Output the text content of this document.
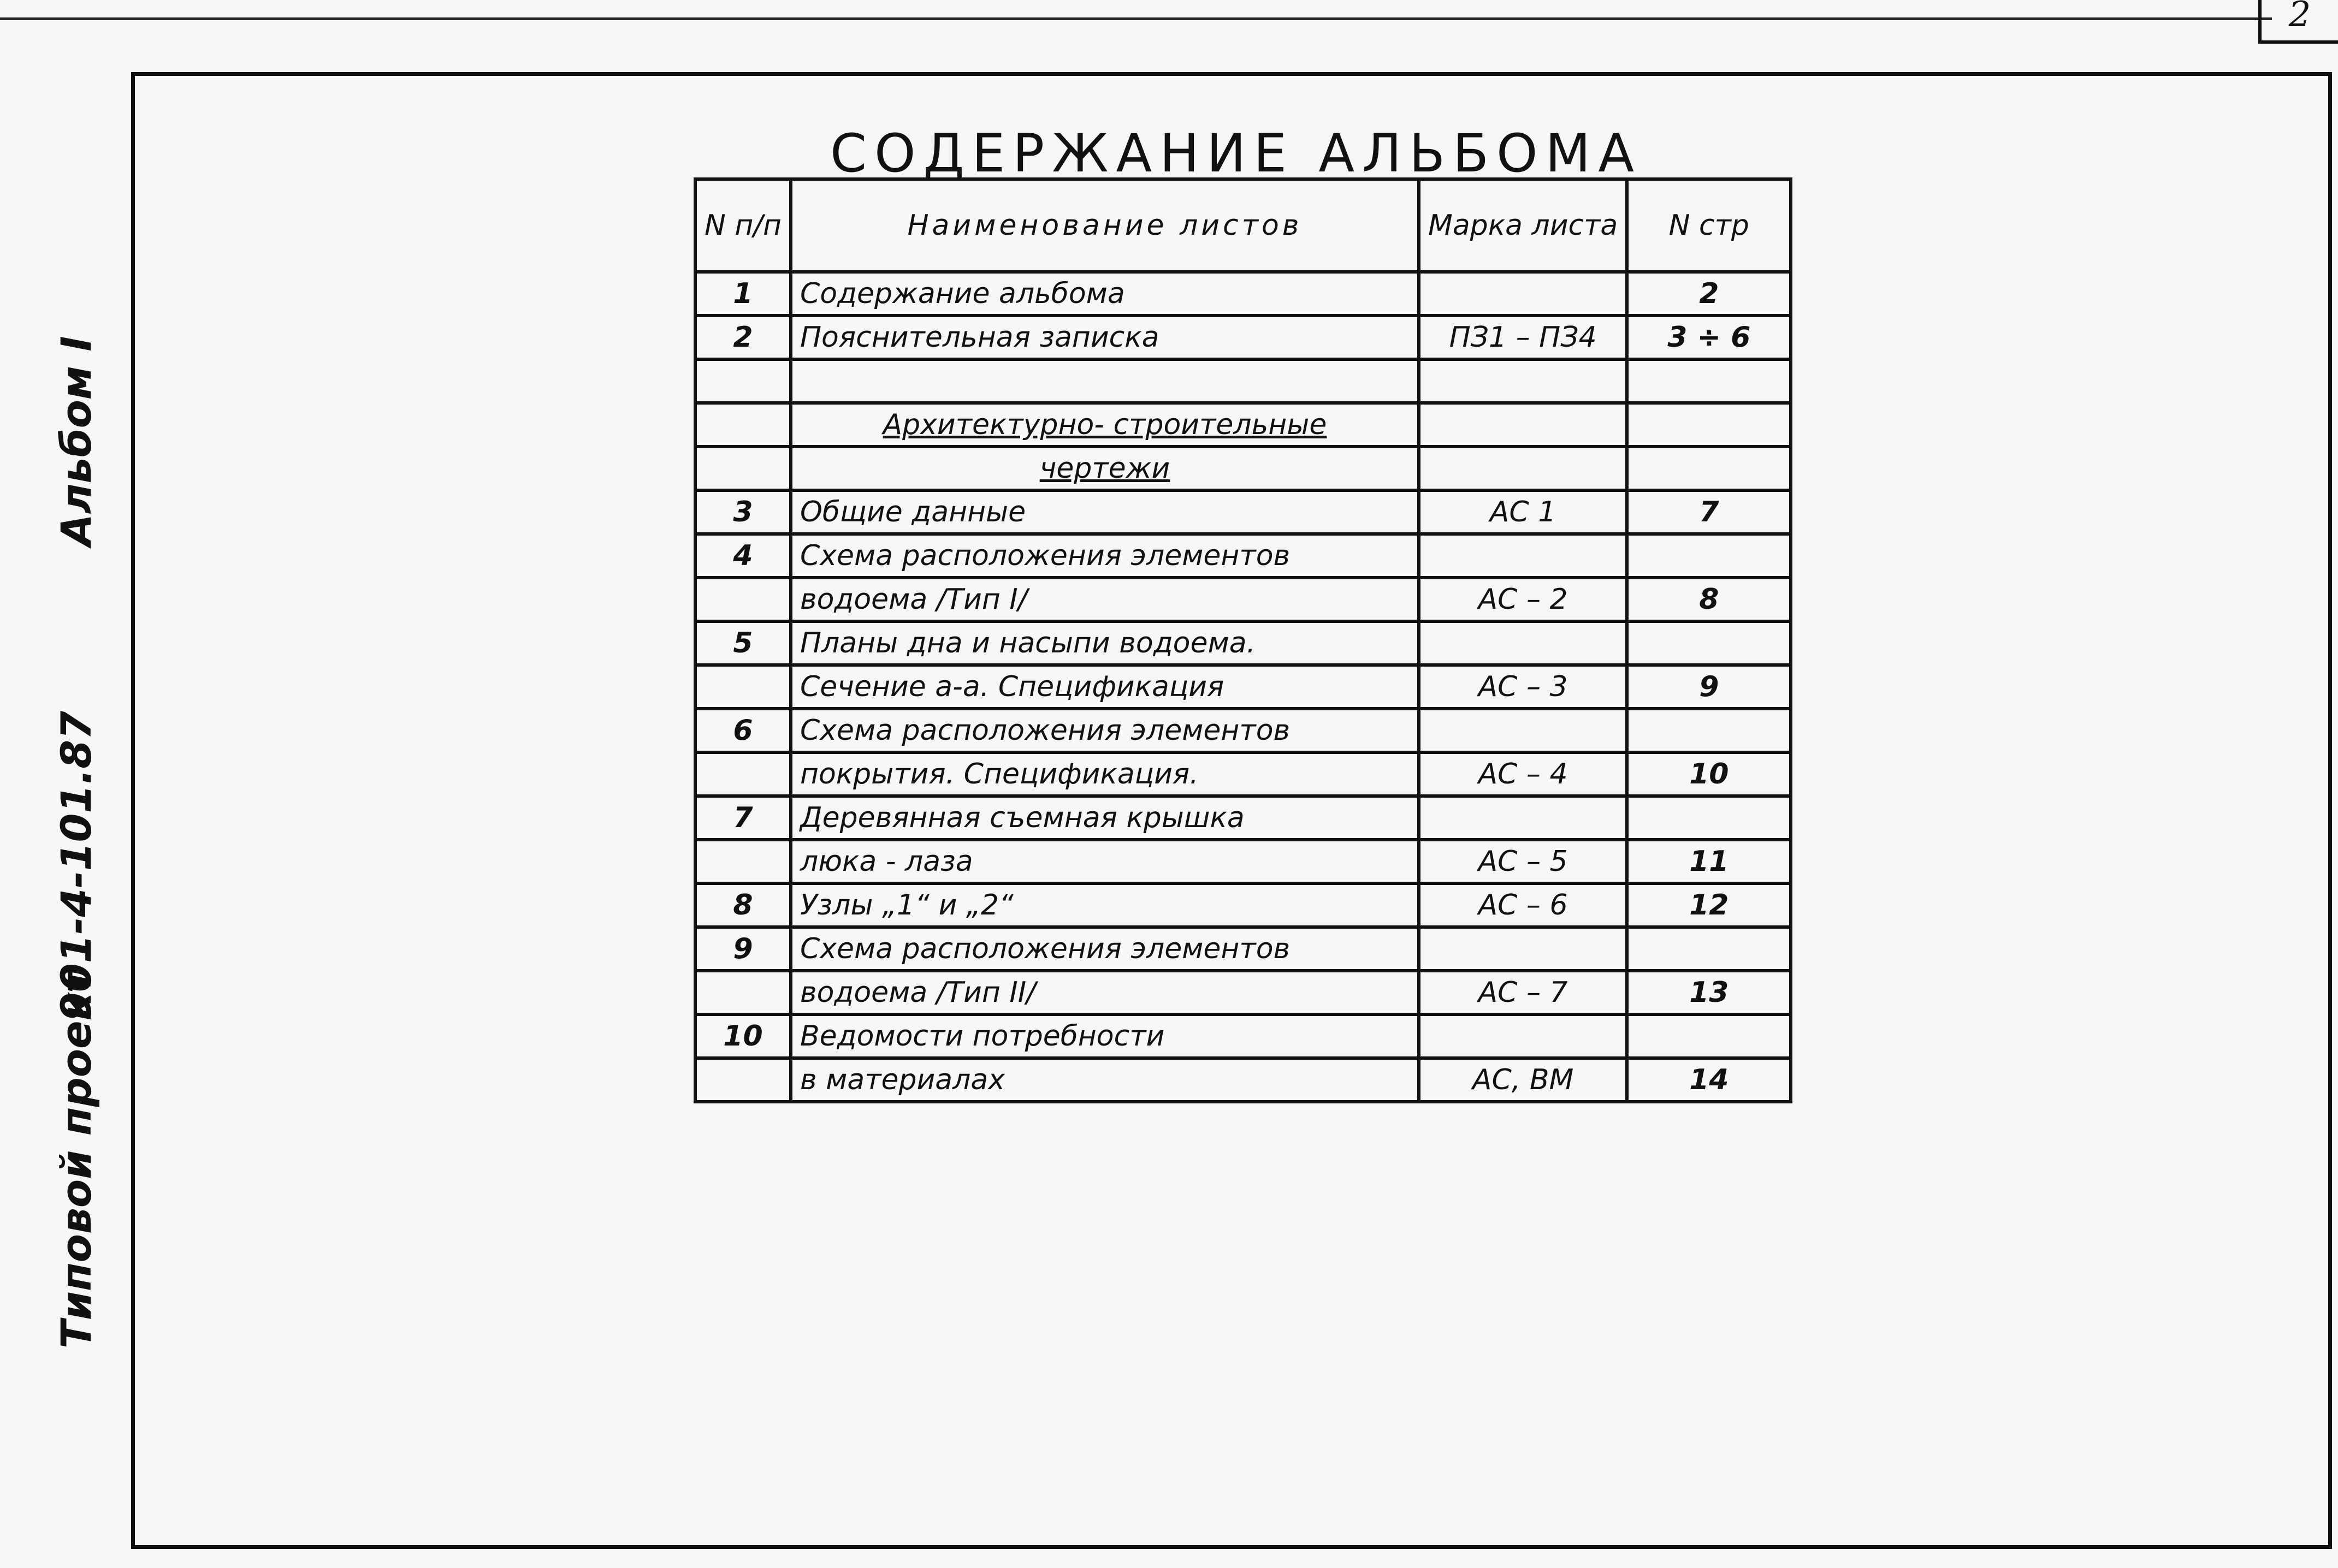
2
Альбом I
901-4-101.87
Типовой проект
СОДЕРЖАНИЕ АЛЬБОМА
N п/п	Наименование листов	Марка листа	N стр
1	Содержание альбома		2
2	Пояснительная записка	ПЗ1 – ПЗ4	3 ÷ 6

	Архитектурно- строительные		
	чертежи		
3	Общие данные	АС 1	7
4	Схема расположения элементов		
	водоема /Тип I/	АС – 2	8
5	Планы дна и насыпи водоема.		
	Сечение а-а. Спецификация	АС – 3	9
6	Схема расположения элементов		
	покрытия. Спецификация.	АС – 4	10
7	Деревянная съемная крышка		
	люка - лаза	АС – 5	11
8	Узлы „1“ и „2“	АС – 6	12
9	Схема расположения элементов		
	водоема /Тип II/	АС – 7	13
10	Ведомости потребности		
	в материалах	АС, ВМ	14
